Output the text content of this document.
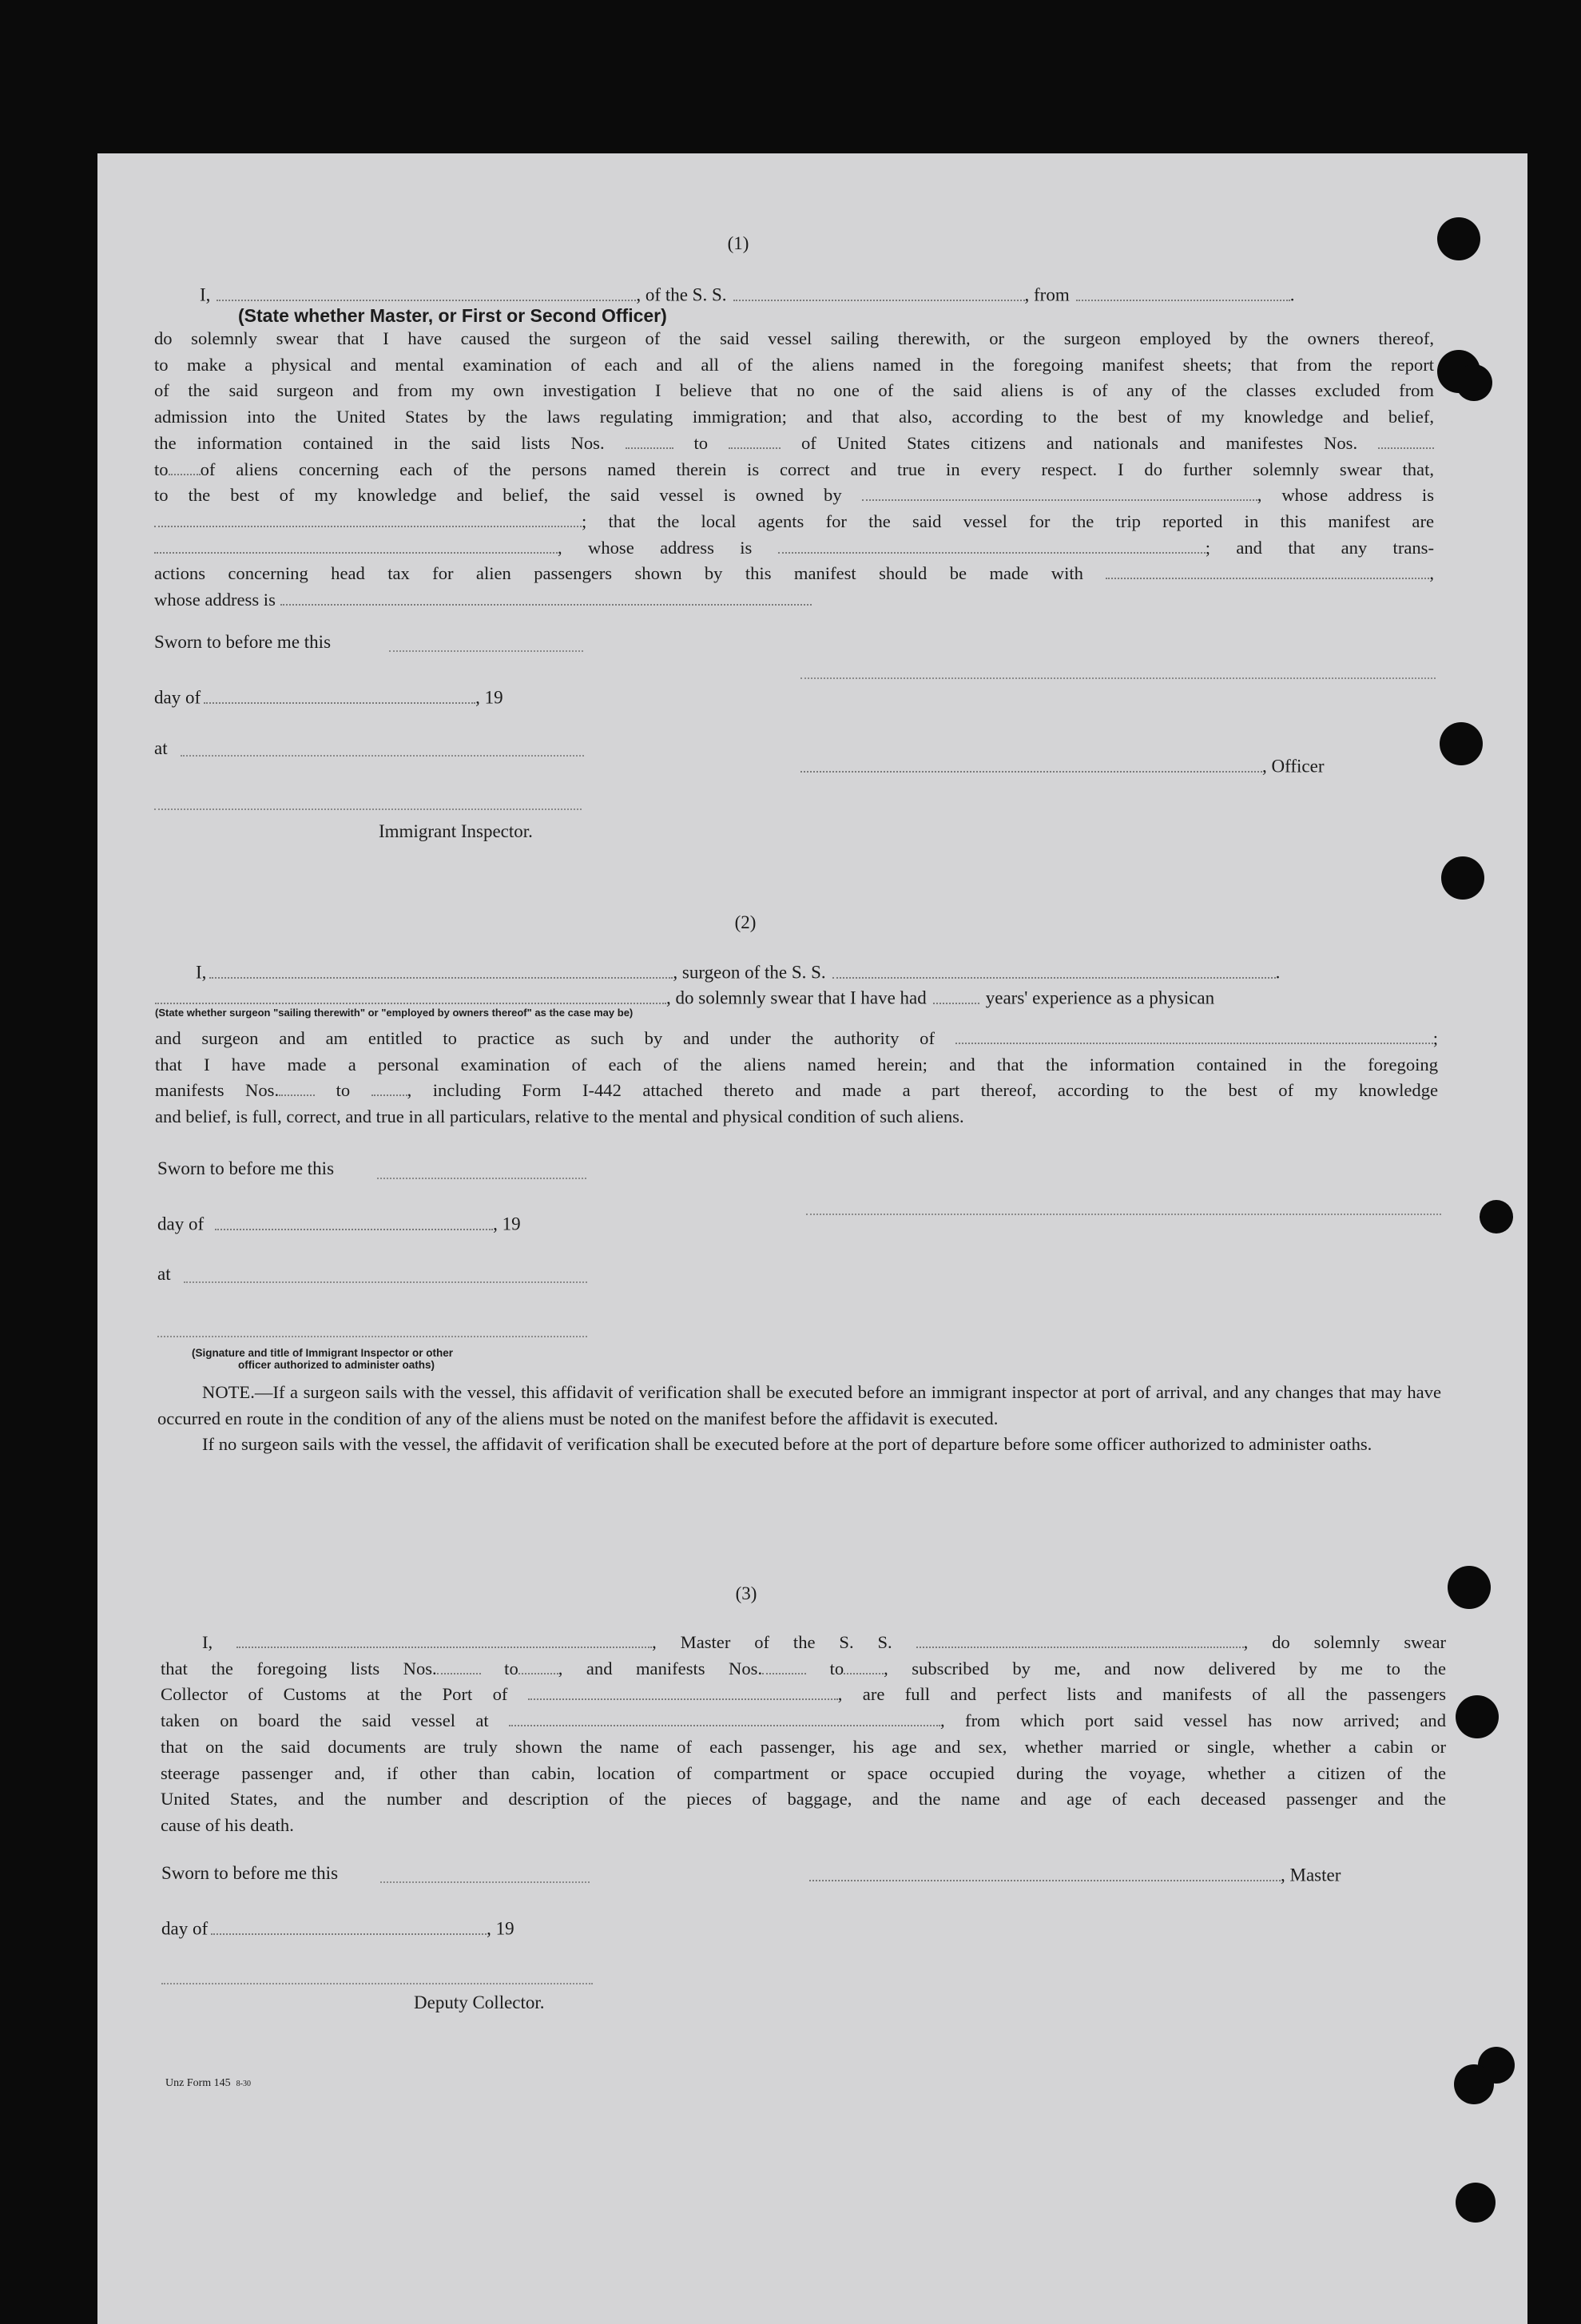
(1)
I,	, of the S. S.	, from	.
(State whether Master, or First or Second Officer)

do solemnly swear that I have caused the surgeon of the said vessel sailing therewith, or the surgeon employed by the owners thereof,

to make a physical and mental examination of each and all of the aliens named in the foregoing manifest sheets; that from the report

of the said surgeon and from my own investigation I believe that no one of the said aliens is of any of the classes excluded from

admission into the United States by the laws regulating immigration; and that also, according to the best of my knowledge and belief,

the information contained in the said lists Nos.	to	of United States citizens and nationals and manifestes Nos.

to of aliens concerning each of the persons named therein is correct and true in every respect. I do further solemnly swear that,

to the best of my knowledge and belief, the said vessel is owned by	, whose address is

; that the local agents for the said vessel for the trip reported in this manifest are

, whose address is	; and that any trans-

actions concerning head tax for alien passengers shown by this manifest should be made with	,

whose address is

Sworn to before me this
day of	, 19
at
, Officer
Immigrant Inspector.
(2)
I,	, surgeon of the S. S.	.
, do solemnly swear that I have had	years' experience as a physican
(State whether surgeon "sailing therewith" or "employed by owners thereof" as the case may be)

and surgeon and am entitled to practice as such by and under the authority of	;

that I have made a personal examination of each of the aliens named herein; and that the information contained in the foregoing

manifests Nos.	to	, including Form I-442 attached thereto and made a part thereof, according to the best of my knowledge

and belief, is full, correct, and true in all particulars, relative to the mental and physical condition of such aliens.

Sworn to before me this
day of	, 19
at
(Signature and title of Immigrant Inspector or other
officer authorized to administer oaths)

NOTE.—If a surgeon sails with the vessel, this affidavit of verification shall be executed before an immigrant inspector at port of arrival, and any changes that may have occurred en route in the condition of any of the aliens must be noted on the manifest before the affidavit is executed.

If no surgeon sails with the vessel, the affidavit of verification shall be executed before at the port of departure before some officer authorized to administer oaths.

(3)

I,	, Master of the S. S.	, do solemnly swear

that the foregoing lists Nos.	to , and manifests Nos.	to , subscribed by me, and now delivered by me to the

Collector of Customs at the Port of	, are full and perfect lists and manifests of all the passengers

taken on board the said vessel at	, from which port said vessel has now arrived; and

that on the said documents are truly shown the name of each passenger, his age and sex, whether married or single, whether a cabin or

steerage passenger and, if other than cabin, location of compartment or space occupied during the voyage, whether a citizen of the

United States, and the number and description of the pieces of baggage, and the name and age of each deceased passenger and the

cause of his death.

Sworn to before me this	, Master
day of	, 19
Deputy Collector.
Unz Form 145 8-30
